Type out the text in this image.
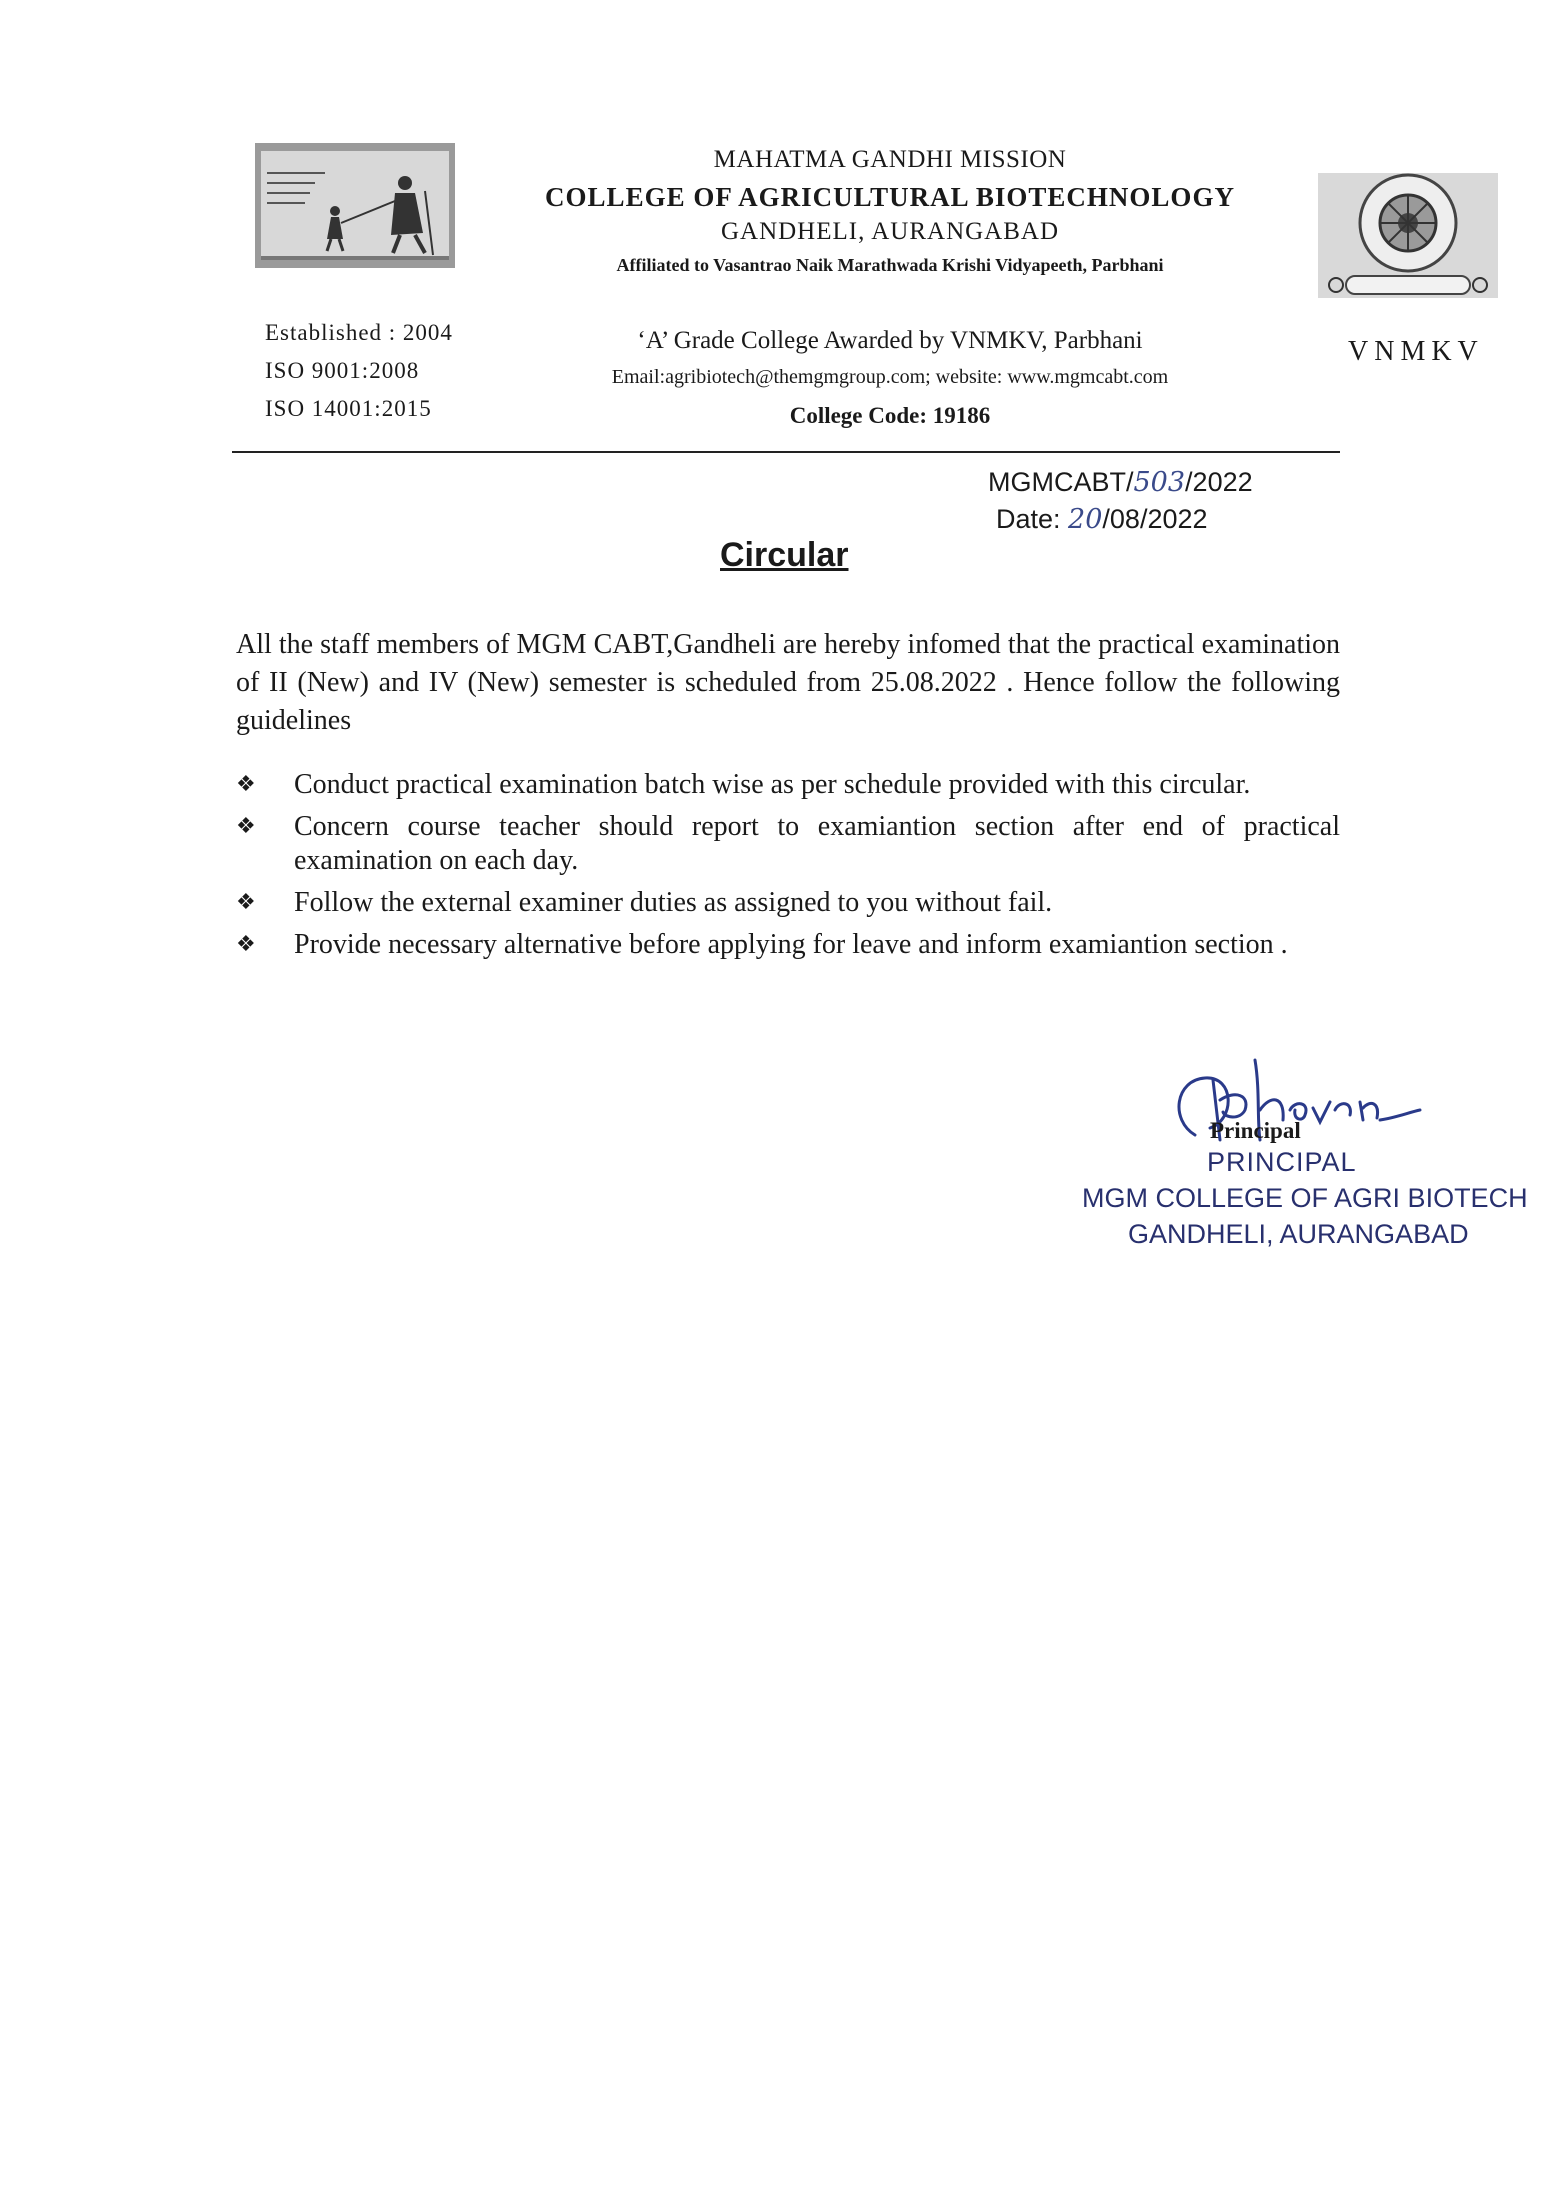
MAHATMA GANDHI MISSION
COLLEGE OF AGRICULTURAL BIOTECHNOLOGY
GANDHELI, AURANGABAD
Affiliated to Vasantrao Naik Marathwada Krishi Vidyapeeth, Parbhani
‘A’ Grade College Awarded by VNMKV, Parbhani
Email:agribiotech@themgmgroup.com; website: www.mgmcabt.com
College Code: 19186
Established : 2004
ISO 9001:2008
ISO 14001:2015
VNMKV
MGMCABT/503/2022
Date: 20/08/2022
Circular
All the staff members of MGM CABT,Gandheli are hereby infomed that the practical examination of II (New) and IV (New) semester is scheduled from 25.08.2022 . Hence follow the following guidelines
❖ Conduct practical examination batch wise as per schedule provided with this circular.
❖ Concern course teacher should report to examiantion section after end of practical examination on each day.
❖ Follow the external examiner duties as assigned to you without fail.
❖ Provide necessary alternative before applying for leave and inform examiantion section .
Principal
PRINCIPAL
MGM COLLEGE OF AGRI BIOTECH
GANDHELI, AURANGABAD
